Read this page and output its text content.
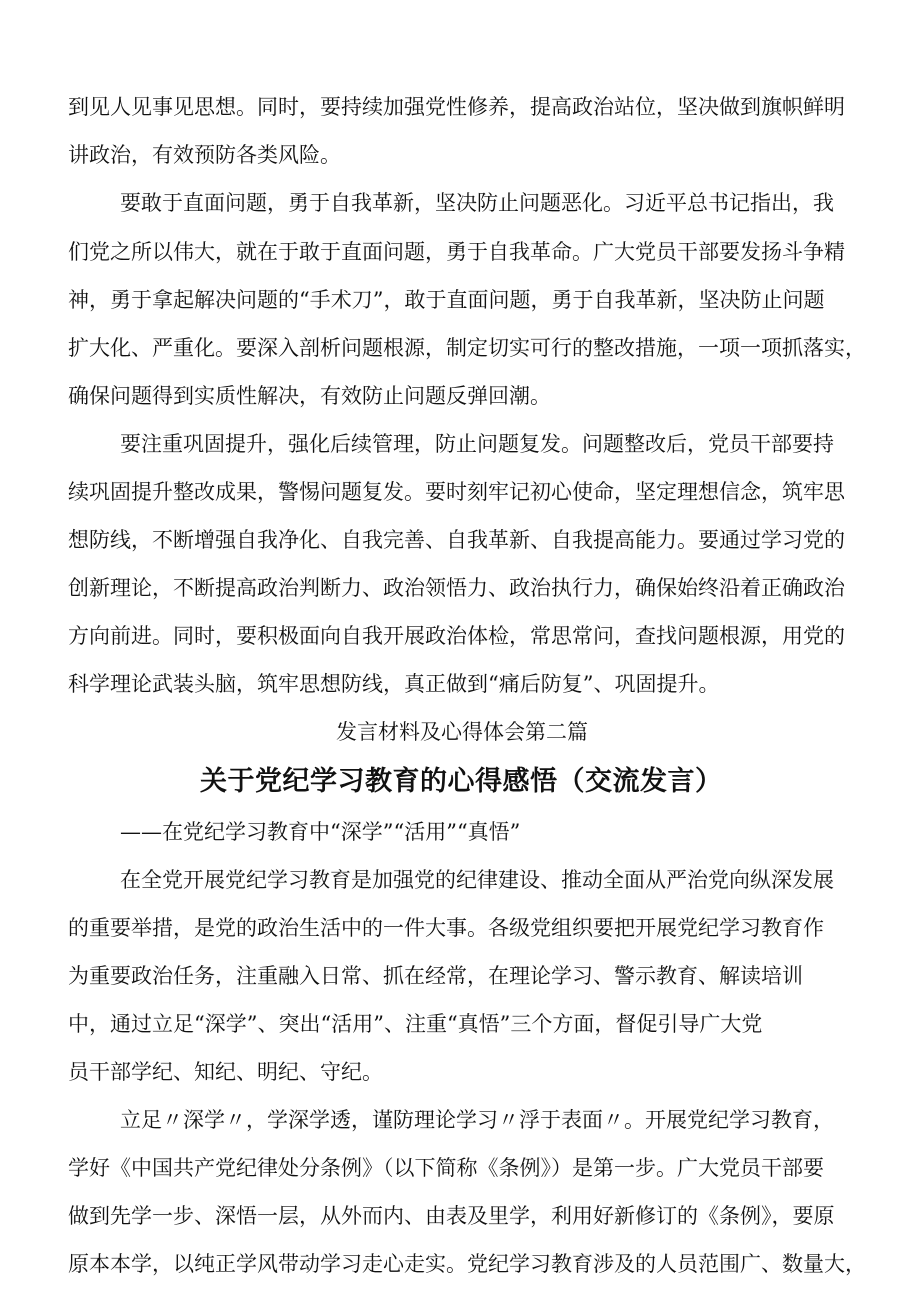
到见人见事见思想。同时，要持续加强党性修养，提高政治站位，坚决做到旗帜鲜明
讲政治，有效预防各类风险。
要敢于直面问题，勇于自我革新，坚决防止问题恶化。习近平总书记指出，我
们党之所以伟大，就在于敢于直面问题，勇于自我革命。广大党员干部要发扬斗争精
神，勇于拿起解决问题的“手术刀”，敢于直面问题，勇于自我革新，坚决防止问题
扩大化、严重化。要深入剖析问题根源，制定切实可行的整改措施，一项一项抓落实，
确保问题得到实质性解决，有效防止问题反弹回潮。
要注重巩固提升，强化后续管理，防止问题复发。问题整改后，党员干部要持
续巩固提升整改成果，警惕问题复发。要时刻牢记初心使命，坚定理想信念，筑牢思
想防线，不断增强自我净化、自我完善、自我革新、自我提高能力。要通过学习党的
创新理论，不断提高政治判断力、政治领悟力、政治执行力，确保始终沿着正确政治
方向前进。同时，要积极面向自我开展政治体检，常思常问，查找问题根源，用党的
科学理论武装头脑，筑牢思想防线，真正做到“痛后防复”、巩固提升。
发言材料及心得体会第二篇
关于党纪学习教育的心得感悟（交流发言）
——在党纪学习教育中“深学”“活用”“真悟”
在全党开展党纪学习教育是加强党的纪律建设、推动全面从严治党向纵深发展
的重要举措，是党的政治生活中的一件大事。各级党组织要把开展党纪学习教育作
为重要政治任务，注重融入日常、抓在经常，在理论学习、警示教育、解读培训
中，通过立足“深学”、突出“活用”、注重“真悟”三个方面，督促引导广大党
员干部学纪、知纪、明纪、守纪。
立足〃深学〃，学深学透，谨防理论学习〃浮于表面〃。开展党纪学习教育，
学好《中国共产党纪律处分条例》（以下简称《条例》）是第一步。广大党员干部要
做到先学一步、深悟一层，从外而内、由表及里学，利用好新修订的《条例》，要原
原本本学，以纯正学风带动学习走心走实。党纪学习教育涉及的人员范围广、数量大，
